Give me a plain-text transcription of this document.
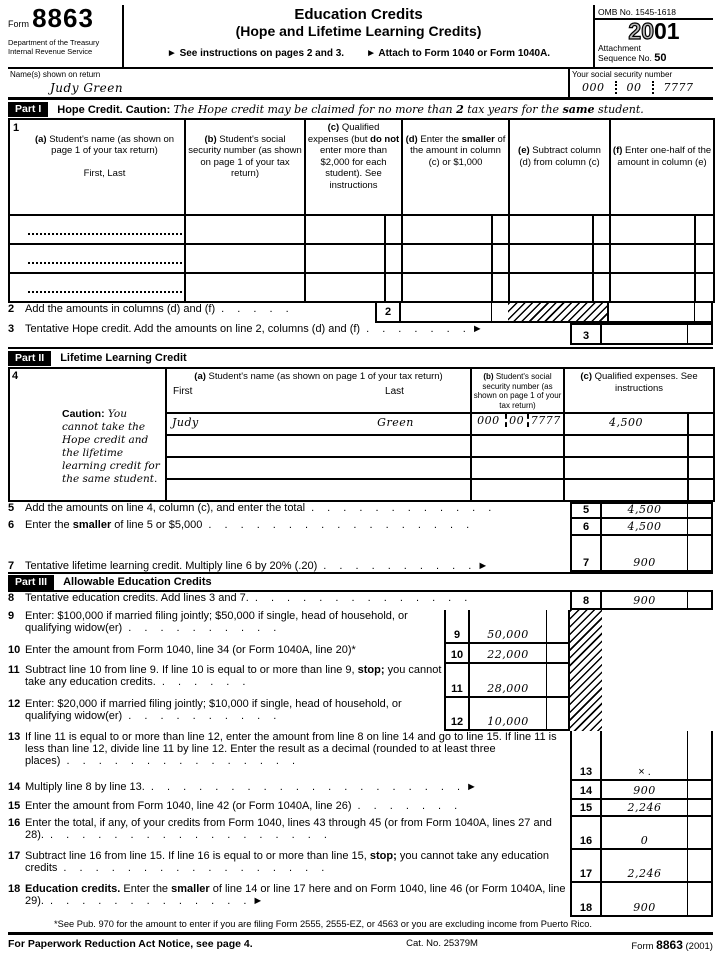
Form 8863
Department of the Treasury
Internal Revenue Service
Education Credits
(Hope and Lifetime Learning Credits)
► See instructions on pages 2 and 3. ► Attach to Form 1040 or Form 1040A.
OMB No. 1545-1618
2001
Attachment
Sequence No. 50
Name(s) shown on return
Judy Green
Your social security number
000	00	7777
Part I	Hope Credit. Caution: The Hope credit may be claimed for no more than 2 tax years for the same student.
1	(a) Student's name (as shown on page 1 of your tax return)

First, Last	(b) Student's social security number (as shown on page 1 of your tax return)	(c) Qualified expenses (but do not enter more than $2,000 for each student). See instructions		(d) Enter the smaller of the amount in column (c) or $1,000		(e) Subtract column (d) from column (c)		(f) Enter one-half of the amount in column (e)	

2 Add the amounts in columns (d) and (f) . . . . .	2
3 Tentative Hope credit. Add the amounts on line 2, columns (d) and (f) . . . . . . . ►
3
Part II	Lifetime Learning Credit
4
Caution: You cannot take the Hope credit and the lifetime learning credit for the same student.

(a) Student's name (as shown on page 1 of your tax return)
First	Last
	(b) Student's social security number (as shown on page 1 of your tax return)	(c) Qualified expenses. See instructions
	Judy	Green	000 00 7777	4,500	

5 Add the amounts on line 4, column (c), and enter the total . . . . . . . . . . . .
6 Enter the smaller of line 5 or $5,000 . . . . . . . . . . . . . . . . .
7 Tentative lifetime learning credit. Multiply line 6 by 20% (.20) . . . . . . . . . . ►
5	4,500
6	4,500
7	900
Part III	Allowable Education Credits
8 Tentative education credits. Add lines 3 and 7. . . . . . . . . . . . . . .
9 Enter: $100,000 if married filing jointly; $50,000 if single, head of household, or qualifying widow(er) . . . . . . . . . .
10 Enter the amount from Form 1040, line 34 (or Form 1040A, line 20)*
11 Subtract line 10 from line 9. If line 10 is equal to or more than line 9, stop; you cannot take any education credits. . . . . . .
12 Enter: $20,000 if married filing jointly; $10,000 if single, head of household, or qualifying widow(er) . . . . . . . . . .
9	50,000
10	22,000
11	28,000
12	10,000
13 If line 11 is equal to or more than line 12, enter the amount from line 8 on line 14 and go to line 15. If line 11 is less than line 12, divide line 11 by line 12. Enter the result as a decimal (rounded to at least three places) . . . . . . . . . . . . . . .
14 Multiply line 8 by line 13. . . . . . . . . . . . . . . . . . . . . ►
15 Enter the amount from Form 1040, line 42 (or Form 1040A, line 26) . . . . . . .
16 Enter the total, if any, of your credits from Form 1040, lines 43 through 45 (or from Form 1040A, lines 27 and 28). . . . . . . . . . . . . . . . . . .
17 Subtract line 16 from line 15. If line 16 is equal to or more than line 15, stop; you cannot take any education credits . . . . . . . . . . . . . . . . .
18 Education credits. Enter the smaller of line 14 or line 17 here and on Form 1040, line 46 (or Form 1040A, line 29). . . . . . . . . . . . . . ►
8	900
13	× .
14	900
15	2,246
16	0
17	2,246
18	900
*See Pub. 970 for the amount to enter if you are filing Form 2555, 2555-EZ, or 4563 or you are excluding income from Puerto Rico.
For Paperwork Reduction Act Notice, see page 4.	Cat. No. 25379M	Form 8863 (2001)
